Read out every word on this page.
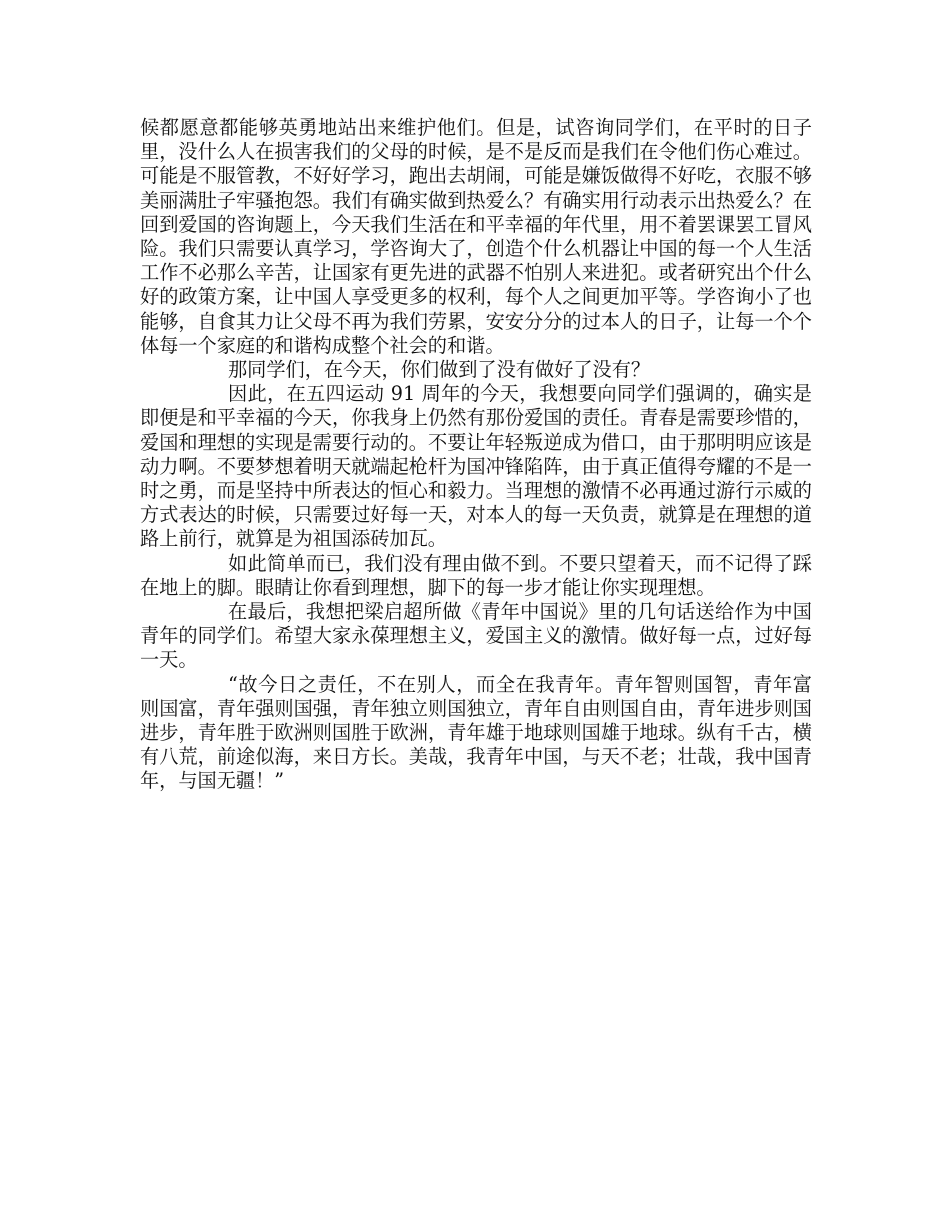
候都愿意都能够英勇地站出来维护他们。但是，试咨询同学们，在平时的日子里，没什么人在损害我们的父母的时候，是不是反而是我们在令他们伤心难过。可能是不服管教，不好好学习，跑出去胡闹，可能是嫌饭做得不好吃，衣服不够美丽满肚子牢骚抱怨。我们有确实做到热爱么？有确实用行动表示出热爱么？在回到爱国的咨询题上，今天我们生活在和平幸福的年代里，用不着罢课罢工冒风险。我们只需要认真学习，学咨询大了，创造个什么机器让中国的每一个人生活工作不必那么辛苦，让国家有更先进的武器不怕别人来进犯。或者研究出个什么好的政策方案，让中国人享受更多的权利，每个人之间更加平等。学咨询小了也能够，自食其力让父母不再为我们劳累，安安分分的过本人的日子，让每一个个体每一个家庭的和谐构成整个社会的和谐。

那同学们，在今天，你们做到了没有做好了没有？

因此，在五四运动 91 周年的今天，我想要向同学们强调的，确实是即便是和平幸福的今天，你我身上仍然有那份爱国的责任。青春是需要珍惜的，爱国和理想的实现是需要行动的。不要让年轻叛逆成为借口，由于那明明应该是动力啊。不要梦想着明天就端起枪杆为国冲锋陷阵，由于真正值得夸耀的不是一时之勇，而是坚持中所表达的恒心和毅力。当理想的激情不必再通过游行示威的方式表达的时候，只需要过好每一天，对本人的每一天负责，就算是在理想的道路上前行，就算是为祖国添砖加瓦。

如此简单而已，我们没有理由做不到。不要只望着天，而不记得了踩在地上的脚。眼睛让你看到理想，脚下的每一步才能让你实现理想。

在最后，我想把梁启超所做《青年中国说》里的几句话送给作为中国青年的同学们。希望大家永葆理想主义，爱国主义的激情。做好每一点，过好每一天。

“故今日之责任，不在别人，而全在我青年。青年智则国智，青年富则国富，青年强则国强，青年独立则国独立，青年自由则国自由，青年进步则国进步，青年胜于欧洲则国胜于欧洲，青年雄于地球则国雄于地球。纵有千古，横有八荒，前途似海，来日方长。美哉，我青年中国，与天不老；壮哉，我中国青年，与国无疆！”
